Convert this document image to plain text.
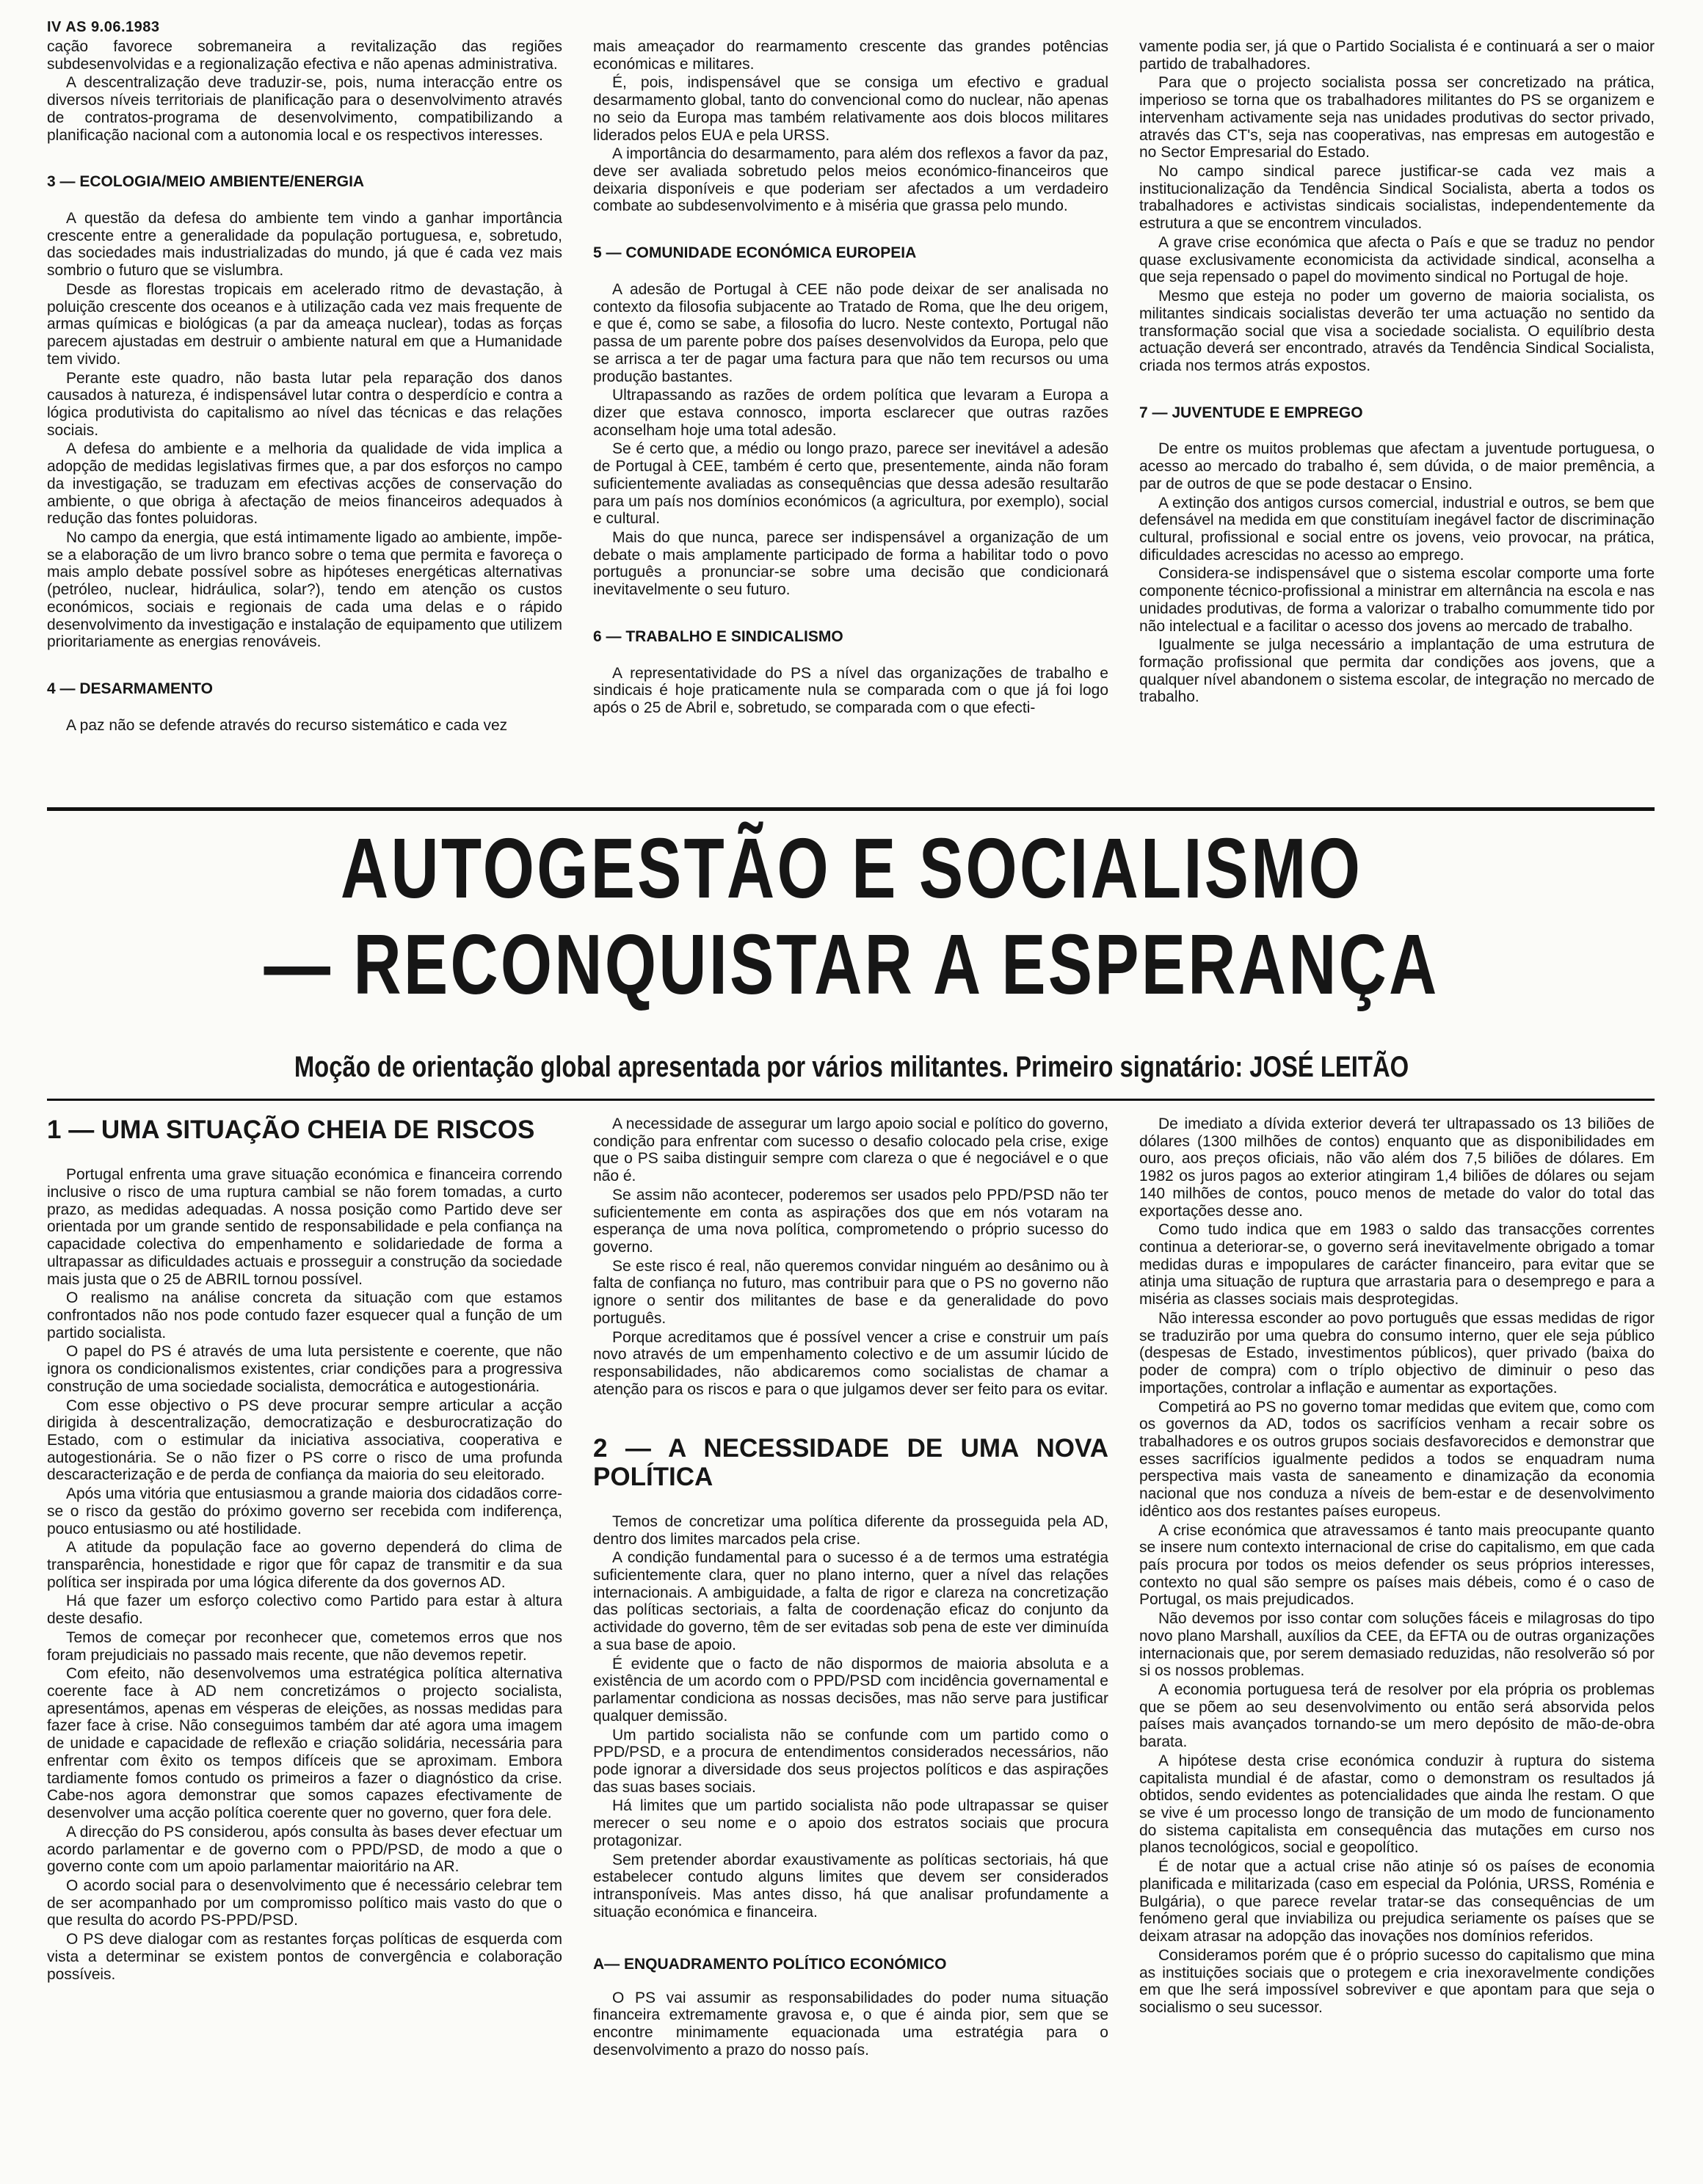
IV AS 9.06.1983

cação favorece sobremaneira a revitalização das regiões subdesenvolvidas e a regionalização efectiva e não apenas administrativa.

A descentralização deve traduzir-se, pois, numa interacção entre os diversos níveis territoriais de planificação para o desenvolvimento através de contratos-programa de desenvolvimento, compatibilizando a planificação nacional com a autonomia local e os respectivos interesses.

3 — ECOLOGIA/MEIO AMBIENTE/ENERGIA

A questão da defesa do ambiente tem vindo a ganhar importância crescente entre a generalidade da população portuguesa, e, sobretudo, das sociedades mais industrializadas do mundo, já que é cada vez mais sombrio o futuro que se vislumbra.

Desde as florestas tropicais em acelerado ritmo de devastação, à poluição crescente dos oceanos e à utilização cada vez mais frequente de armas químicas e biológicas (a par da ameaça nuclear), todas as forças parecem ajustadas em destruir o ambiente natural em que a Humanidade tem vivido.

Perante este quadro, não basta lutar pela reparação dos danos causados à natureza, é indispensável lutar contra o desperdício e contra a lógica produtivista do capitalismo ao nível das técnicas e das relações sociais.

A defesa do ambiente e a melhoria da qualidade de vida implica a adopção de medidas legislativas firmes que, a par dos esforços no campo da investigação, se traduzam em efectivas acções de conservação do ambiente, o que obriga à afectação de meios financeiros adequados à redução das fontes poluidoras.

No campo da energia, que está intimamente ligado ao ambiente, impõe-se a elaboração de um livro branco sobre o tema que permita e favoreça o mais amplo debate possível sobre as hipóteses energéticas alternativas (petróleo, nuclear, hidráulica, solar?), tendo em atenção os custos económicos, sociais e regionais de cada uma delas e o rápido desenvolvimento da investigação e instalação de equipamento que utilizem prioritariamente as energias renováveis.

4 — DESARMAMENTO

A paz não se defende através do recurso sistemático e cada vez

mais ameaçador do rearmamento crescente das grandes potências económicas e militares.

É, pois, indispensável que se consiga um efectivo e gradual desarmamento global, tanto do convencional como do nuclear, não apenas no seio da Europa mas também relativamente aos dois blocos militares liderados pelos EUA e pela URSS.

A importância do desarmamento, para além dos reflexos a favor da paz, deve ser avaliada sobretudo pelos meios económico-financeiros que deixaria disponíveis e que poderiam ser afectados a um verdadeiro combate ao subdesenvolvimento e à miséria que grassa pelo mundo.

5 — COMUNIDADE ECONÓMICA EUROPEIA

A adesão de Portugal à CEE não pode deixar de ser analisada no contexto da filosofia subjacente ao Tratado de Roma, que lhe deu origem, e que é, como se sabe, a filosofia do lucro. Neste contexto, Portugal não passa de um parente pobre dos países desenvolvidos da Europa, pelo que se arrisca a ter de pagar uma factura para que não tem recursos ou uma produção bastantes.

Ultrapassando as razões de ordem política que levaram a Europa a dizer que estava connosco, importa esclarecer que outras razões aconselham hoje uma total adesão.

Se é certo que, a médio ou longo prazo, parece ser inevitável a adesão de Portugal à CEE, também é certo que, presentemente, ainda não foram suficientemente avaliadas as consequências que dessa adesão resultarão para um país nos domínios económicos (a agricultura, por exemplo), social e cultural.

Mais do que nunca, parece ser indispensável a organização de um debate o mais amplamente participado de forma a habilitar todo o povo português a pronunciar-se sobre uma decisão que condicionará inevitavelmente o seu futuro.

6 — TRABALHO E SINDICALISMO

A representatividade do PS a nível das organizações de trabalho e sindicais é hoje praticamente nula se comparada com o que já foi logo após o 25 de Abril e, sobretudo, se comparada com o que efecti-

vamente podia ser, já que o Partido Socialista é e continuará a ser o maior partido de trabalhadores.

Para que o projecto socialista possa ser concretizado na prática, imperioso se torna que os trabalhadores militantes do PS se organizem e intervenham activamente seja nas unidades produtivas do sector privado, através das CT's, seja nas cooperativas, nas empresas em autogestão e no Sector Empresarial do Estado.

No campo sindical parece justificar-se cada vez mais a institucionalização da Tendência Sindical Socialista, aberta a todos os trabalhadores e activistas sindicais socialistas, independentemente da estrutura a que se encontrem vinculados.

A grave crise económica que afecta o País e que se traduz no pendor quase exclusivamente economicista da actividade sindical, aconselha a que seja repensado o papel do movimento sindical no Portugal de hoje.

Mesmo que esteja no poder um governo de maioria socialista, os militantes sindicais socialistas deverão ter uma actuação no sentido da transformação social que visa a sociedade socialista. O equilíbrio desta actuação deverá ser encontrado, através da Tendência Sindical Socialista, criada nos termos atrás expostos.

7 — JUVENTUDE E EMPREGO

De entre os muitos problemas que afectam a juventude portuguesa, o acesso ao mercado do trabalho é, sem dúvida, o de maior premência, a par de outros de que se pode destacar o Ensino.

A extinção dos antigos cursos comercial, industrial e outros, se bem que defensável na medida em que constituíam inegável factor de discriminação cultural, profissional e social entre os jovens, veio provocar, na prática, dificuldades acrescidas no acesso ao emprego.

Considera-se indispensável que o sistema escolar comporte uma forte componente técnico-profissional a ministrar em alternância na escola e nas unidades produtivas, de forma a valorizar o trabalho comummente tido por não intelectual e a facilitar o acesso dos jovens ao mercado de trabalho.

Igualmente se julga necessário a implantação de uma estrutura de formação profissional que permita dar condições aos jovens, que a qualquer nível abandonem o sistema escolar, de integração no mercado de trabalho.

AUTOGESTÃO E SOCIALISMO
— RECONQUISTAR A ESPERANÇA
Moção de orientação global apresentada por vários militantes. Primeiro signatário: JOSÉ LEITÃO
1 — UMA SITUAÇÃO CHEIA DE RISCOS

Portugal enfrenta uma grave situação económica e financeira correndo inclusive o risco de uma ruptura cambial se não forem tomadas, a curto prazo, as medidas adequadas. A nossa posição como Partido deve ser orientada por um grande sentido de responsabilidade e pela confiança na capacidade colectiva do empenhamento e solidariedade de forma a ultrapassar as dificuldades actuais e prosseguir a construção da sociedade mais justa que o 25 de ABRIL tornou possível.

O realismo na análise concreta da situação com que estamos confrontados não nos pode contudo fazer esquecer qual a função de um partido socialista.

O papel do PS é através de uma luta persistente e coerente, que não ignora os condicionalismos existentes, criar condições para a progressiva construção de uma sociedade socialista, democrática e autogestionária.

Com esse objectivo o PS deve procurar sempre articular a acção dirigida à descentralização, democratização e desburocratização do Estado, com o estimular da iniciativa associativa, cooperativa e autogestionária. Se o não fizer o PS corre o risco de uma profunda descaracterização e de perda de confiança da maioria do seu eleitorado.

Após uma vitória que entusiasmou a grande maioria dos cidadãos corre-se o risco da gestão do próximo governo ser recebida com indiferença, pouco entusiasmo ou até hostilidade.

A atitude da população face ao governo dependerá do clima de transparência, honestidade e rigor que fôr capaz de transmitir e da sua política ser inspirada por uma lógica diferente da dos governos AD.

Há que fazer um esforço colectivo como Partido para estar à altura deste desafio.

Temos de começar por reconhecer que, cometemos erros que nos foram prejudiciais no passado mais recente, que não devemos repetir.

Com efeito, não desenvolvemos uma estratégica política alternativa coerente face à AD nem concretizámos o projecto socialista, apresentámos, apenas em vésperas de eleições, as nossas medidas para fazer face à crise. Não conseguimos também dar até agora uma imagem de unidade e capacidade de reflexão e criação solidária, necessária para enfrentar com êxito os tempos difíceis que se aproximam. Embora tardiamente fomos contudo os primeiros a fazer o diagnóstico da crise. Cabe-nos agora demonstrar que somos capazes efectivamente de desenvolver uma acção política coerente quer no governo, quer fora dele.

A direcção do PS considerou, após consulta às bases dever efectuar um acordo parlamentar e de governo com o PPD/PSD, de modo a que o governo conte com um apoio parlamentar maioritário na AR.

O acordo social para o desenvolvimento que é necessário celebrar tem de ser acompanhado por um compromisso político mais vasto do que o que resulta do acordo PS-PPD/PSD.

O PS deve dialogar com as restantes forças políticas de esquerda com vista a determinar se existem pontos de convergência e colaboração possíveis.

A necessidade de assegurar um largo apoio social e político do governo, condição para enfrentar com sucesso o desafio colocado pela crise, exige que o PS saiba distinguir sempre com clareza o que é negociável e o que não é.

Se assim não acontecer, poderemos ser usados pelo PPD/PSD não ter suficientemente em conta as aspirações dos que em nós votaram na esperança de uma nova política, comprometendo o próprio sucesso do governo.

Se este risco é real, não queremos convidar ninguém ao desânimo ou à falta de confiança no futuro, mas contribuir para que o PS no governo não ignore o sentir dos militantes de base e da generalidade do povo português.

Porque acreditamos que é possível vencer a crise e construir um país novo através de um empenhamento colectivo e de um assumir lúcido de responsabilidades, não abdicaremos como socialistas de chamar a atenção para os riscos e para o que julgamos dever ser feito para os evitar.

2 — A NECESSIDADE DE UMA NOVA POLÍTICA

Temos de concretizar uma política diferente da prosseguida pela AD, dentro dos limites marcados pela crise.

A condição fundamental para o sucesso é a de termos uma estratégia suficientemente clara, quer no plano interno, quer a nível das relações internacionais. A ambiguidade, a falta de rigor e clareza na concretização das políticas sectoriais, a falta de coordenação eficaz do conjunto da actividade do governo, têm de ser evitadas sob pena de este ver diminuída a sua base de apoio.

É evidente que o facto de não dispormos de maioria absoluta e a existência de um acordo com o PPD/PSD com incidência governamental e parlamentar condiciona as nossas decisões, mas não serve para justificar qualquer demissão.

Um partido socialista não se confunde com um partido como o PPD/PSD, e a procura de entendimentos considerados necessários, não pode ignorar a diversidade dos seus projectos políticos e das aspirações das suas bases sociais.

Há limites que um partido socialista não pode ultrapassar se quiser merecer o seu nome e o apoio dos estratos sociais que procura protagonizar.

Sem pretender abordar exaustivamente as políticas sectoriais, há que estabelecer contudo alguns limites que devem ser considerados intransponíveis. Mas antes disso, há que analisar profundamente a situação económica e financeira.

A— ENQUADRAMENTO POLÍTICO ECONÓMICO

O PS vai assumir as responsabilidades do poder numa situação financeira extremamente gravosa e, o que é ainda pior, sem que se encontre minimamente equacionada uma estratégia para o desenvolvimento a prazo do nosso país.

De imediato a dívida exterior deverá ter ultrapassado os 13 biliões de dólares (1300 milhões de contos) enquanto que as disponibilidades em ouro, aos preços oficiais, não vão além dos 7,5 biliões de dólares. Em 1982 os juros pagos ao exterior atingiram 1,4 biliões de dólares ou sejam 140 milhões de contos, pouco menos de metade do valor do total das exportações desse ano.

Como tudo indica que em 1983 o saldo das transacções correntes continua a deteriorar-se, o governo será inevitavelmente obrigado a tomar medidas duras e impopulares de carácter financeiro, para evitar que se atinja uma situação de ruptura que arrastaria para o desemprego e para a miséria as classes sociais mais desprotegidas.

Não interessa esconder ao povo português que essas medidas de rigor se traduzirão por uma quebra do consumo interno, quer ele seja público (despesas de Estado, investimentos públicos), quer privado (baixa do poder de compra) com o tríplo objectivo de diminuir o peso das importações, controlar a inflação e aumentar as exportações.

Competirá ao PS no governo tomar medidas que evitem que, como com os governos da AD, todos os sacrifícios venham a recair sobre os trabalhadores e os outros grupos sociais desfavorecidos e demonstrar que esses sacrifícios igualmente pedidos a todos se enquadram numa perspectiva mais vasta de saneamento e dinamização da economia nacional que nos conduza a níveis de bem-estar e de desenvolvimento idêntico aos dos restantes países europeus.

A crise económica que atravessamos é tanto mais preocupante quanto se insere num contexto internacional de crise do capitalismo, em que cada país procura por todos os meios defender os seus próprios interesses, contexto no qual são sempre os países mais débeis, como é o caso de Portugal, os mais prejudicados.

Não devemos por isso contar com soluções fáceis e milagrosas do tipo novo plano Marshall, auxílios da CEE, da EFTA ou de outras organizações internacionais que, por serem demasiado reduzidas, não resolverão só por si os nossos problemas.

A economia portuguesa terá de resolver por ela própria os problemas que se põem ao seu desenvolvimento ou então será absorvida pelos países mais avançados tornando-se um mero depósito de mão-de-obra barata.

A hipótese desta crise económica conduzir à ruptura do sistema capitalista mundial é de afastar, como o demonstram os resultados já obtidos, sendo evidentes as potencialidades que ainda lhe restam. O que se vive é um processo longo de transição de um modo de funcionamento do sistema capitalista em consequência das mutações em curso nos planos tecnológicos, social e geopolítico.

É de notar que a actual crise não atinje só os países de economia planificada e militarizada (caso em especial da Polónia, URSS, Roménia e Bulgária), o que parece revelar tratar-se das consequências de um fenómeno geral que inviabiliza ou prejudica seriamente os países que se deixam atrasar na adopção das inovações nos domínios referidos.

Consideramos porém que é o próprio sucesso do capitalismo que mina as instituições sociais que o protegem e cria inexoravelmente condições em que lhe será impossível sobreviver e que apontam para que seja o socialismo o seu sucessor.
